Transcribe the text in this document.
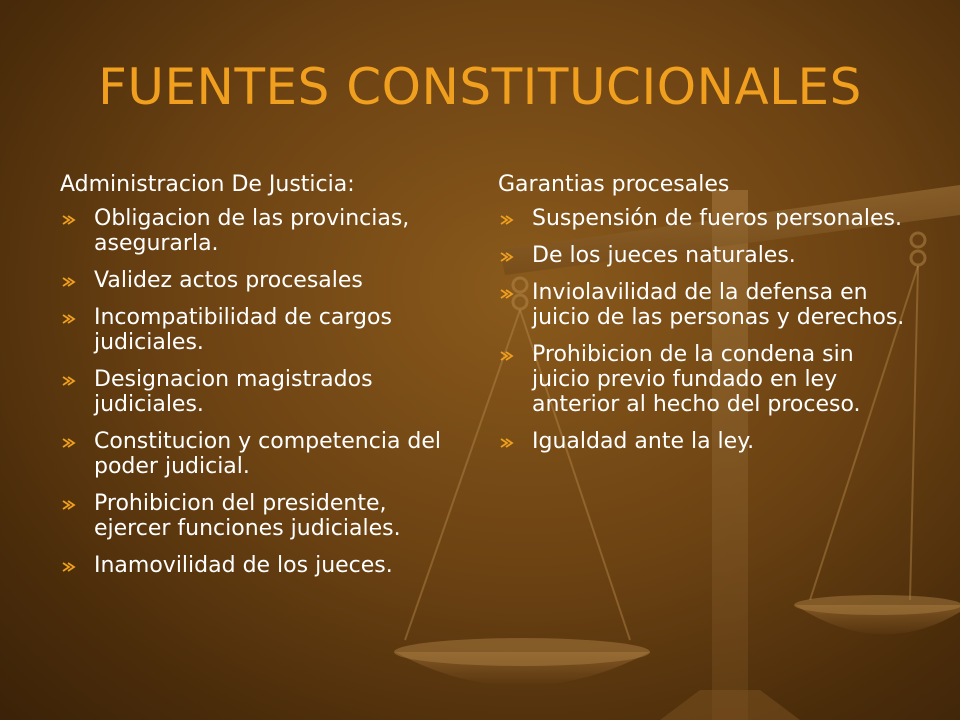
FUENTES CONSTITUCIONALES
Administracion De Justicia:
Obligacion de las provincias, asegurarla.
Validez actos procesales
Incompatibilidad de cargos judiciales.
Designacion magistrados judiciales.
Constitucion y competencia del poder judicial.
Prohibicion del presidente, ejercer funciones judiciales.
Inamovilidad de los jueces.
Garantias procesales
Suspensión de fueros personales.
De los jueces naturales.
Inviolavilidad de la defensa en juicio de las personas y derechos.
Prohibicion de la condena sin juicio previo fundado en ley anterior al hecho del proceso.
Igualdad ante la ley.
